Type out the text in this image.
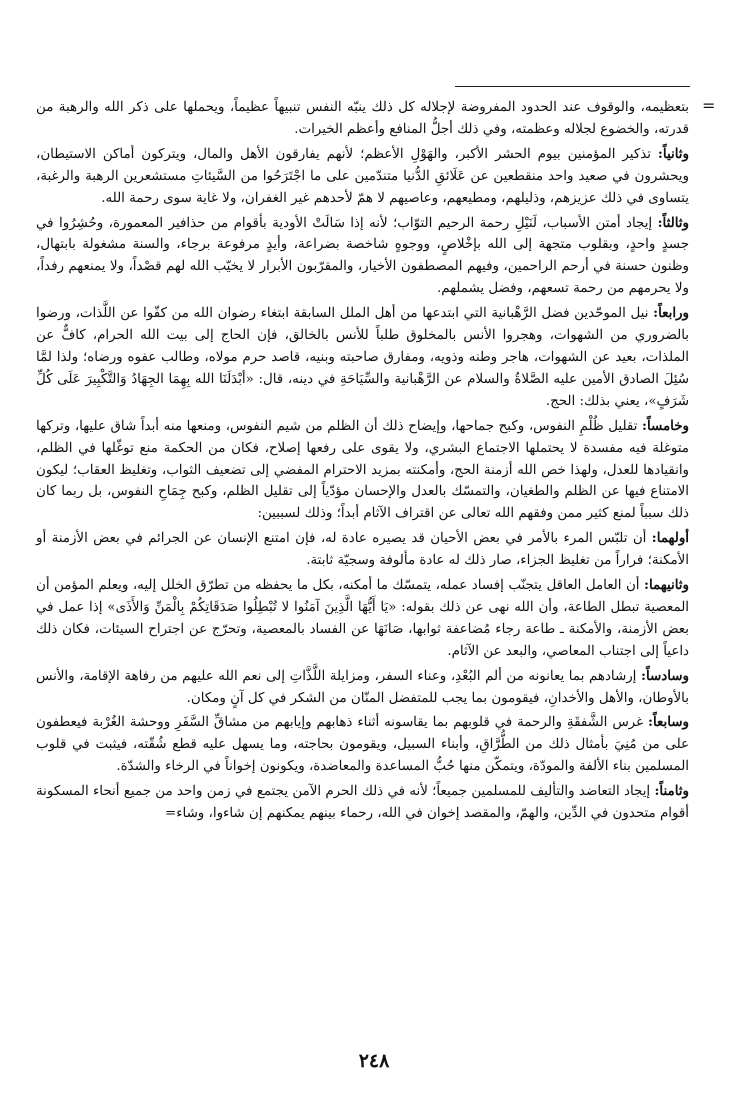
=

بتعظيمه، والوقوف عند الحدود المفروضة لإجلاله كل ذلك ينبّه النفس تنبيهاً عظيماً، ويحملها على ذكر الله والرهبة من قدرته، والخضوع لجلاله وعظمته، وفي ذلك أجلُّ المنافع وأعظم الخيرات.

وثانياً: تذكير المؤمنين بيوم الحشر الأكبر، والهَوْلِ الأعظم؛ لأنهم يفارقون الأهل والمال، ويتركون أماكن الاستيطان، ويحشرون في صعيد واحد منقطعين عن عَلَائقِ الدُّنيا متندّمين على ما اجْتَرَحُوا من السَّيئاتِ مستشعرين الرهبة والرغبة، يتساوى في ذلك عزيزهم، وذليلهم، ومطيعهم، وعاصيهم لا همّ لأحدهم غير الغفران، ولا غاية سوى رحمة الله.

وثالثاً: إيجاد أمتن الأسباب، لَنَيْلِ رحمة الرحيم التوّاب؛ لأنه إذا سَالَتْ الأودية بأقوام من حذافير المعمورة، وحُشِرُوا في جسدٍ واحدٍ، وبقلوب متجهة إلى الله بإخْلاصٍ، ووجوهٍ شاخصة بضراعة، وأيدٍ مرفوعة برجاء، والسنة مشغولة بابتهال، وظنون حسنة في أرحم الراحمين، وفيهم المصطفون الأخيار، والمقرّبون الأبرار لا يخيّب الله لهم قصْداً، ولا يمنعهم رفداً، ولا يحرمهم من رحمة تسعهم، وفضل يشملهم.

ورابعاً: نيل الموحّدين فضل الرَّهْبانية التي ابتدعها من أهل الملل السابقة ابتغاء رضوان الله من كفّوا عن اللَّذات، ورضوا بالضروري من الشهوات، وهجروا الأنس بالمخلوق طلباً للأنس بالخالق، فإن الحاج إلى بيت الله الحرام، كافٌّ عن الملذات، بعيد عن الشهوات، هاجر وطنه وذويه، ومفارق صاحبته وبنيه، قاصد حرم مولاه، وطالب عفوه ورضاه؛ ولذا لمَّا سُئِلَ الصادق الأمين عليه الصَّلاةُ والسلام عن الرَّهْبانية والسِّيَاحَةِ في دينه، قال: «أبْدَلَنَا الله بِهِمَا الجِهَادُ وَالتَّكْبِيرَ عَلَى كُلِّ شَرَفٍ»، يعني بذلك: الحج.

وخامساً: تقليل ظُلْمِ النفوس، وكبح جماحها، وإيضاح ذلك أن الظلم من شيم النفوس، ومنعها منه أبداً شاق عليها، وتركها متوغلة فيه مفسدة لا يحتملها الاجتماع البشري، ولا يقوى على رفعها إصلاح، فكان من الحكمة منع توغّلها في الظلم، وانقيادها للعدل، ولهذا خص الله أزمنة الحج، وأمكنته بمزيد الاحترام المفضي إلى تضعيف الثواب، وتغليظ العقاب؛ ليكون الامتناع فيها عن الظلم والطغيان، والتمسّك بالعدل والإحسان مؤدّياً إلى تقليل الظلم، وكبح جِمَاحِ النفوس، بل ربما كان ذلك سبباً لمنع كثير ممن وفقهم الله تعالى عن اقتراف الآثام أبداً؛ وذلك لسببين:

أولهما: أن تلبّس المرء بالأمر في بعض الأحيان قد يصيره عادة له، فإن امتنع الإنسان عن الجرائم في بعض الأزمنة أو الأمكنة؛ فراراً من تغليظ الجزاء، صار ذلك له عادة مألوفة وسجيّة ثابتة.

وثانيهما: أن العامل العاقل يتجنّب إفساد عمله، يتمسّك ما أمكنه، بكل ما يحفظه من تطرّق الخلل إليه، ويعلم المؤمن أن المعصية تبطل الطاعة، وأن الله نهى عن ذلك بقوله: «يَا أَيُّهَا الَّذِينَ آمَنُوا لا تُبْطِلُوا صَدَقَاتِكُمْ بِالْمَنِّ وَالأَذَى» إذا عمل في بعض الأزمنة، والأمكنة ـ طاعة رجاء مُضاعفة ثوابها، صَانَهَا عن الفساد بالمعصية، وتحرّج عن اجتراح السيئات، فكان ذلك داعياً إلى اجتناب المعاصي، والبعد عن الآثام.

وسادساً: إرشادهم بما يعانونه من ألم البُعْدِ، وعناء السفر، ومزايلة اللَّذَّاتِ إلى نعم الله عليهم من رفاهة الإقامة، والأنس بالأوطان، والأهل والأخدانِ، فيقومون بما يجب للمتفضل المنّان من الشكر في كل آنٍ ومكان.

وسابعاً: غرس الشَّفقَةِ والرحمة في قلوبهم بما يقاسونه أثناء ذهابهم وإيابهم من مشاقِّ السَّفَرِ ووحشة الغُرْبة فيعطفون على من مُنِيَ بأمثال ذلك من الطُّرَّاقِ، وأبناء السبيل، ويقومون بحاجته، وما يسهل عليه قطع شُقّته، فيثبت في قلوب المسلمين بناء الألفة والمودّة، ويتمكّن منها حُبُّ المساعدة والمعاضدة، ويكونون إخواناً في الرخاء والشدّة.

وثامناً: إيجاد التعاضد والتأليف للمسلمين جميعاً؛ لأنه في ذلك الحرم الآمن يجتمع في زمن واحد من جميع أنحاء المسكونة أقوام متحدون في الدِّين، والهمّ، والمقصد إخوان في الله، رحماء بينهم يمكنهم إن شاءوا، وشاء=

٢٤٨
